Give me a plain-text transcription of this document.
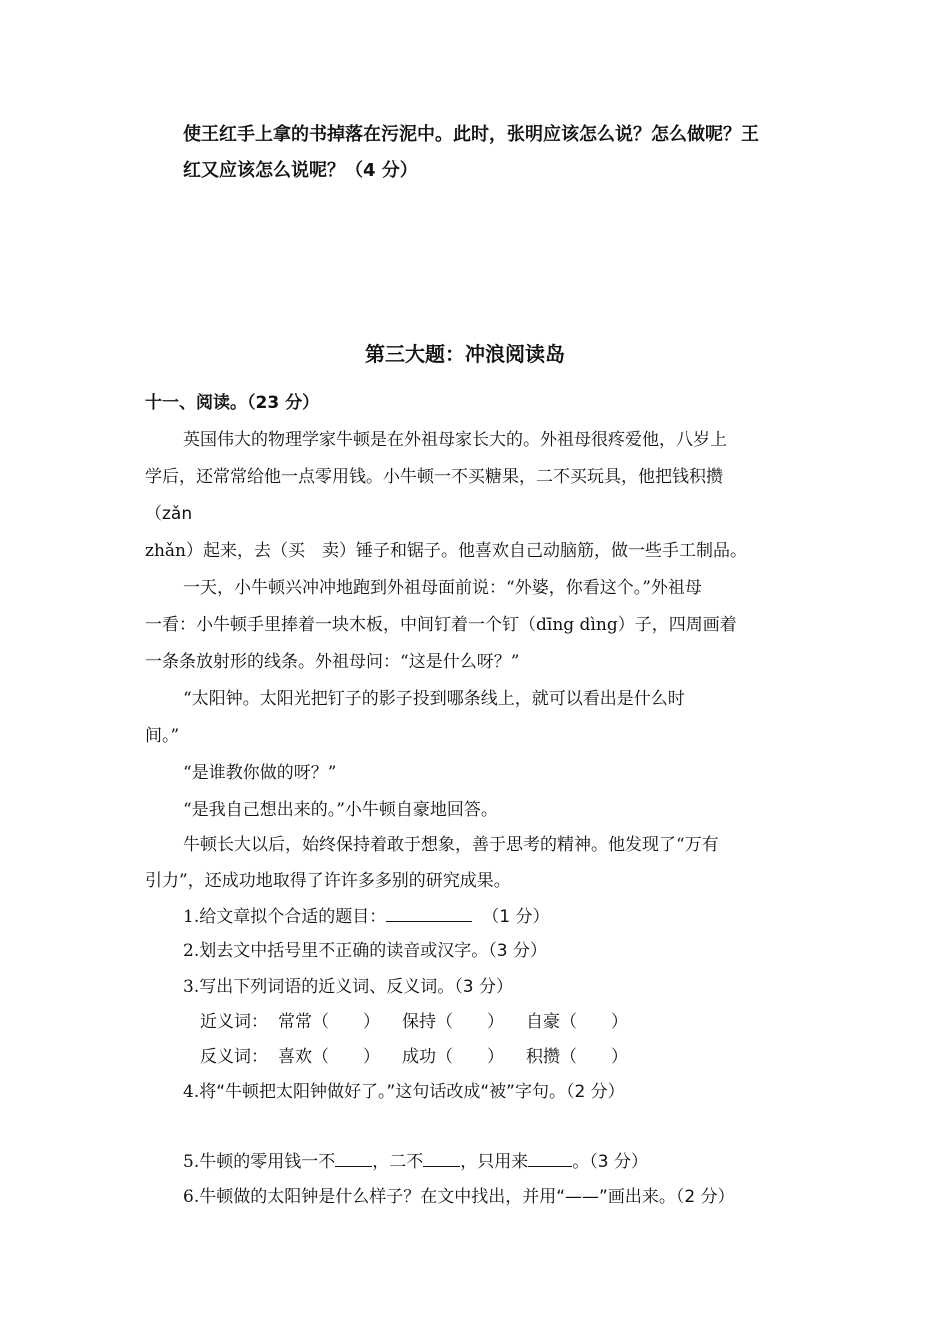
使王红手上拿的书掉落在污泥中。此时，张明应该怎么说？怎么做呢？王
红又应该怎么说呢？（4 分）
第三大题：冲浪阅读岛
十一、阅读。（23 分）
英国伟大的物理学家牛顿是在外祖母家长大的。外祖母很疼爱他，八岁上
学后，还常常给他一点零用钱。小牛顿一不买糖果，二不买玩具，他把钱积攒
（zǎn
zhǎn）起来，去（买　卖）锤子和锯子。他喜欢自己动脑筋，做一些手工制品。
一天，小牛顿兴冲冲地跑到外祖母面前说：“外婆，你看这个。”外祖母
一看：小牛顿手里捧着一块木板，中间钉着一个钉（dīng dìng）子，四周画着
一条条放射形的线条。外祖母问：“这是什么呀？”
“太阳钟。太阳光把钉子的影子投到哪条线上，就可以看出是什么时
间。”
“是谁教你做的呀？”
“是我自己想出来的。”小牛顿自豪地回答。
牛顿长大以后，始终保持着敢于想象，善于思考的精神。他发现了“万有
引力”，还成功地取得了许许多多别的研究成果。
1.给文章拟个合适的题目：	（1 分）
2.划去文中括号里不正确的读音或汉字。（3 分）
3.写出下列词语的近义词、反义词。（3 分）
近义词： 常常（　　） 保持（　　） 自豪（　　）
反义词： 喜欢（　　） 成功（　　） 积攒（　　）
4.将“牛顿把太阳钟做好了。”这句话改成“被”字句。（2 分）
5.牛顿的零用钱一不 ，二不 ，只用来	。（3 分）
6.牛顿做的太阳钟是什么样子？在文中找出，并用“——”画出来。（2 分）
